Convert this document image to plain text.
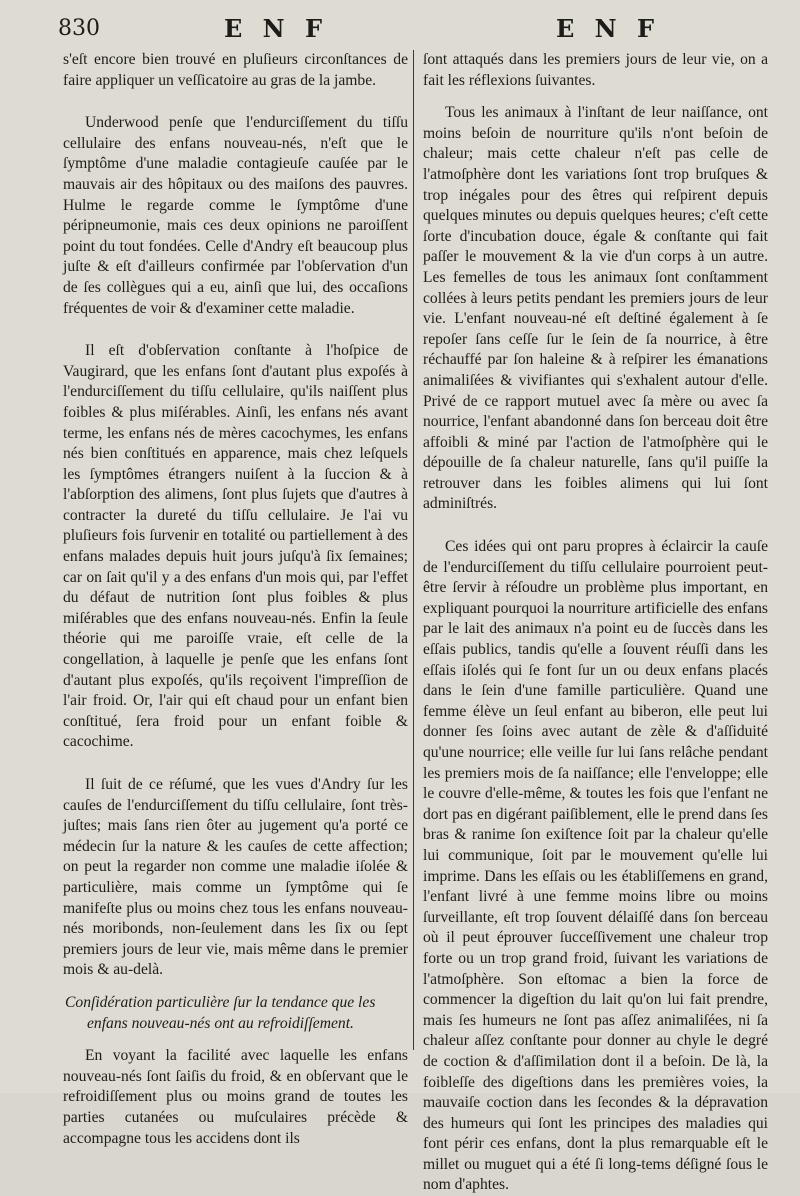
830	E N F	E N F

s'eſt encore bien trouvé en pluſieurs circonſtances de faire appliquer un veſſicatoire au gras de la jambe.

Underwood penſe que l'endurciſſement du tiſſu cellulaire des enfans nouveau-nés, n'eſt que le ſymptôme d'une maladie contagieuſe cauſée par le mauvais air des hôpitaux ou des maiſons des pauvres. Hulme le regarde comme le ſymptôme d'une péripneumonie, mais ces deux opinions ne paroiſſent point du tout fondées. Celle d'Andry eſt beaucoup plus juſte & eſt d'ailleurs confirmée par l'obſervation d'un de ſes collègues qui a eu, ainſi que lui, des occaſions fréquentes de voir & d'examiner cette maladie.

Il eſt d'obſervation conſtante à l'hoſpice de Vaugirard, que les enfans ſont d'autant plus expoſés à l'endurciſſement du tiſſu cellulaire, qu'ils naiſſent plus foibles & plus miſérables. Ainſi, les enfans nés avant terme, les enfans nés de mères cacochymes, les enfans nés bien conſtitués en apparence, mais chez leſquels les ſymptômes étrangers nuiſent à la ſuccion & à l'abſorption des alimens, ſont plus ſujets que d'autres à contracter la dureté du tiſſu cellulaire. Je l'ai vu pluſieurs fois ſurvenir en totalité ou partiellement à des enfans malades depuis huit jours juſqu'à ſix ſemaines; car on ſait qu'il y a des enfans d'un mois qui, par l'effet du défaut de nutrition ſont plus foibles & plus miſérables que des enfans nouveau-nés. Enfin la ſeule théorie qui me paroiſſe vraie, eſt celle de la congellation, à laquelle je penſe que les enfans ſont d'autant plus expoſés, qu'ils reçoivent l'impreſſion de l'air froid. Or, l'air qui eſt chaud pour un enfant bien conſtitué, ſera froid pour un enfant foible & cacochime.

Il ſuit de ce réſumé, que les vues d'Andry ſur les cauſes de l'endurciſſement du tiſſu cellulaire, ſont très-juſtes; mais ſans rien ôter au jugement qu'a porté ce médecin ſur la nature & les cauſes de cette affection; on peut la regarder non comme une maladie iſolée & particulière, mais comme un ſymptôme qui ſe manifeſte plus ou moins chez tous les enfans nouveau-nés moribonds, non-ſeulement dans les ſix ou ſept premiers jours de leur vie, mais même dans le premier mois & au-delà.

Conſidération particulière ſur la tendance que les
enfans nouveau-nés ont au refroidiſſement.

En voyant la facilité avec laquelle les enfans nouveau-nés ſont ſaiſis du froid, & en obſervant que le refroidiſſement plus ou moins grand de toutes les parties cutanées ou muſculaires précède & accompagne tous les accidens dont ils

ſont attaqués dans les premiers jours de leur vie, on a fait les réflexions ſuivantes.

Tous les animaux à l'inſtant de leur naiſſance, ont moins beſoin de nourriture qu'ils n'ont beſoin de chaleur; mais cette chaleur n'eſt pas celle de l'atmoſphère dont les variations ſont trop bruſques & trop inégales pour des êtres qui reſpirent depuis quelques minutes ou depuis quelques heures; c'eſt cette ſorte d'incubation douce, égale & conſtante qui fait paſſer le mouvement & la vie d'un corps à un autre. Les femelles de tous les animaux ſont conſtamment collées à leurs petits pendant les premiers jours de leur vie. L'enfant nouveau-né eſt deſtiné également à ſe repoſer ſans ceſſe ſur le ſein de ſa nourrice, à être réchauffé par ſon haleine & à reſpirer les émanations animaliſées & vivifiantes qui s'exhalent autour d'elle. Privé de ce rapport mutuel avec ſa mère ou avec ſa nourrice, l'enfant abandonné dans ſon berceau doit être affoibli & miné par l'action de l'atmoſphère qui le dépouille de ſa chaleur naturelle, ſans qu'il puiſſe la retrouver dans les foibles alimens qui lui ſont adminiſtrés.

Ces idées qui ont paru propres à éclaircir la cauſe de l'endurciſſement du tiſſu cellulaire pourroient peut-être ſervir à réſoudre un problème plus important, en expliquant pourquoi la nourriture artificielle des enfans par le lait des animaux n'a point eu de ſuccès dans les eſſais publics, tandis qu'elle a ſouvent réuſſi dans les eſſais iſolés qui ſe font ſur un ou deux enfans placés dans le ſein d'une famille particulière. Quand une femme élève un ſeul enfant au biberon, elle peut lui donner ſes ſoins avec autant de zèle & d'aſſiduité qu'une nourrice; elle veille ſur lui ſans relâche pendant les premiers mois de ſa naiſſance; elle l'enveloppe; elle le couvre d'elle-même, & toutes les fois que l'enfant ne dort pas en digérant paiſiblement, elle le prend dans ſes bras & ranime ſon exiſtence ſoit par la chaleur qu'elle lui communique, ſoit par le mouvement qu'elle lui imprime. Dans les eſſais ou les établiſſemens en grand, l'enfant livré à une femme moins libre ou moins ſurveillante, eſt trop ſouvent délaiſſé dans ſon berceau où il peut éprouver ſucceſſivement une chaleur trop forte ou un trop grand froid, ſuivant les variations de l'atmoſphère. Son eſtomac a bien la force de commencer la digeſtion du lait qu'on lui fait prendre, mais ſes humeurs ne ſont pas aſſez animaliſées, ni ſa chaleur aſſez conſtante pour donner au chyle le degré de coction & d'aſſimilation dont il a beſoin. De là, la foibleſſe des digeſtions dans les premières voies, la mauvaiſe coction dans les ſecondes & la dépravation des humeurs qui ſont les principes des maladies qui font périr ces enfans, dont la plus remarquable eſt le millet ou muguet qui a été ſi long-tems déſigné ſous le nom d'aphtes.
